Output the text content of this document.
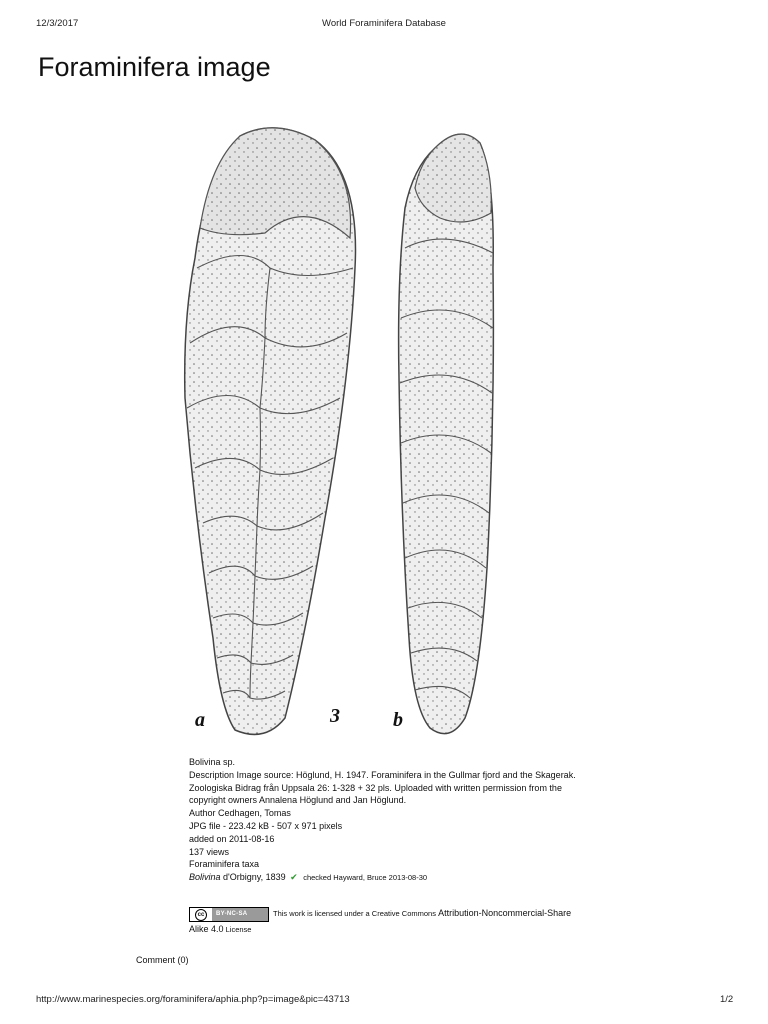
12/3/2017	World Foraminifera Database
Foraminifera image
a	3	b
Bolivina sp.
Description Image source: Höglund, H. 1947. Foraminifera in the Gullmar fjord and the Skagerak. Zoologiska Bidrag från Uppsala 26: 1-328 + 32 pls. Uploaded with written permission from the copyright owners Annalena Höglund and Jan Höglund.
Author Cedhagen, Tomas
JPG file - 223.42 kB - 507 x 971 pixels
added on 2011-08-16
137 views
Foraminifera taxa
Bolivina d'Orbigny, 1839 ✔ checked Hayward, Bruce 2013-08-30
cc	BY-NC-SA	This work is licensed under a Creative Commons Attribution-Noncommercial-Share Alike 4.0 License
Comment (0)
http://www.marinespecies.org/foraminifera/aphia.php?p=image&pic=43713	1/2
